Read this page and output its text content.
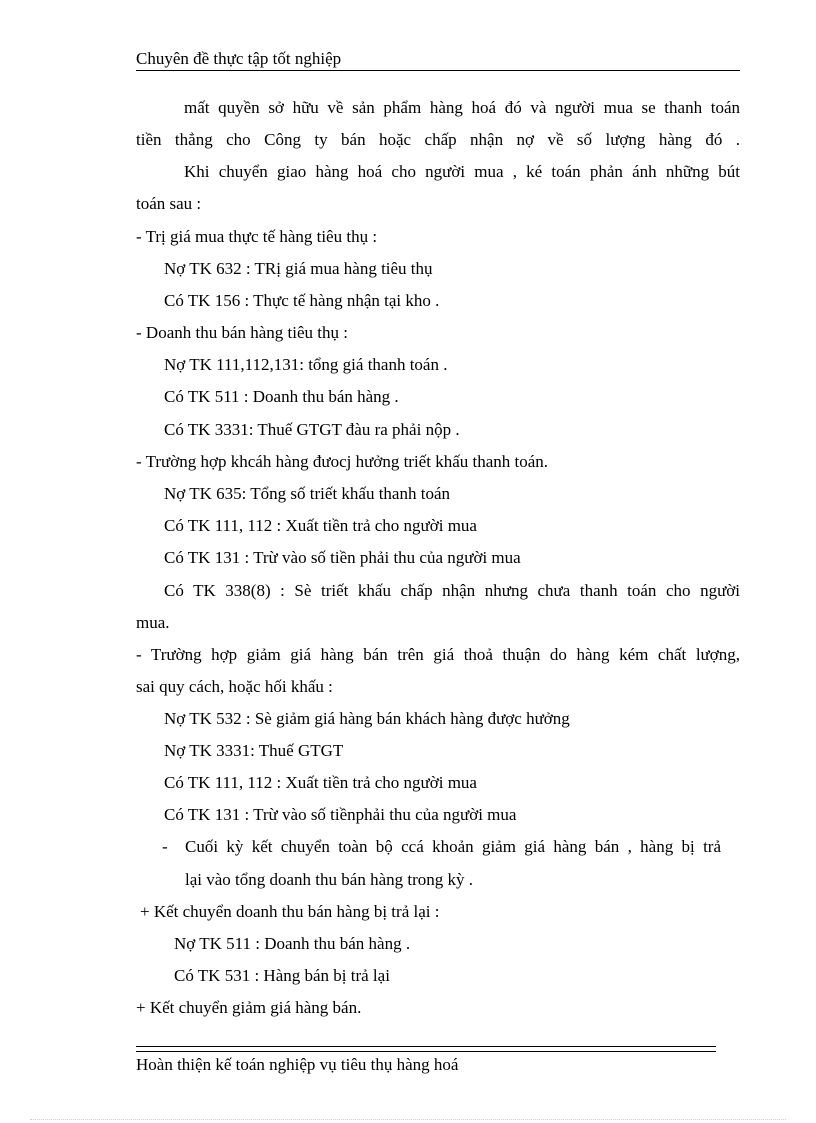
Chuyên đề thực tập tốt nghiệp
mất quyền sở hữu về sản phẩm hàng hoá đó và người mua se thanh toán
tiền thẳng cho Công ty bán hoặc chấp nhận nợ về số lượng hàng đó .
Khi chuyển giao hàng hoá cho người mua , ké toán phản ánh những bút
toán sau :
- Trị giá mua thực tế hàng tiêu thụ :
Nợ TK 632 : TRị giá mua hàng tiêu thụ
Có TK 156 : Thực tế hàng nhận tại kho .
- Doanh thu bán hàng tiêu thụ :
Nợ TK 111,112,131: tổng giá thanh toán .
Có TK 511 : Doanh thu bán hàng .
Có TK 3331: Thuế GTGT đàu ra phải nộp .
- Trường hợp khcáh hàng đưocj hưởng triết khấu thanh toán.
Nợ TK 635: Tổng số triết khấu thanh toán
Có TK 111, 112 : Xuất tiền trả cho người mua
Có TK 131 : Trừ vào số tiền phải thu của người mua
Có TK 338(8) : Sè triết khấu chấp nhận nhưng chưa thanh toán cho người
mua.
- Trường hợp giảm giá hàng bán trên giá thoả thuận do hàng kém chất lượng,
sai quy cách, hoặc hối khấu :
Nợ TK 532 : Sè giảm giá hàng bán khách hàng được hưởng
Nợ TK 3331: Thuế GTGT
Có TK 111, 112 : Xuất tiền trả cho người mua
Có TK 131 : Trừ vào số tiềnphải thu của người mua
- Cuối kỳ kết chuyển toàn bộ ccá khoản giảm giá hàng bán , hàng bị trả
lại vào tổng doanh thu bán hàng trong kỳ .
+ Kết chuyển doanh thu bán hàng bị trả lại :
Nợ TK 511 : Doanh thu bán hàng .
Có TK 531 : Hàng bán bị trả lại
+ Kết chuyển giảm giá hàng bán.
Hoàn thiện kế toán nghiệp vụ tiêu thụ hàng hoá
